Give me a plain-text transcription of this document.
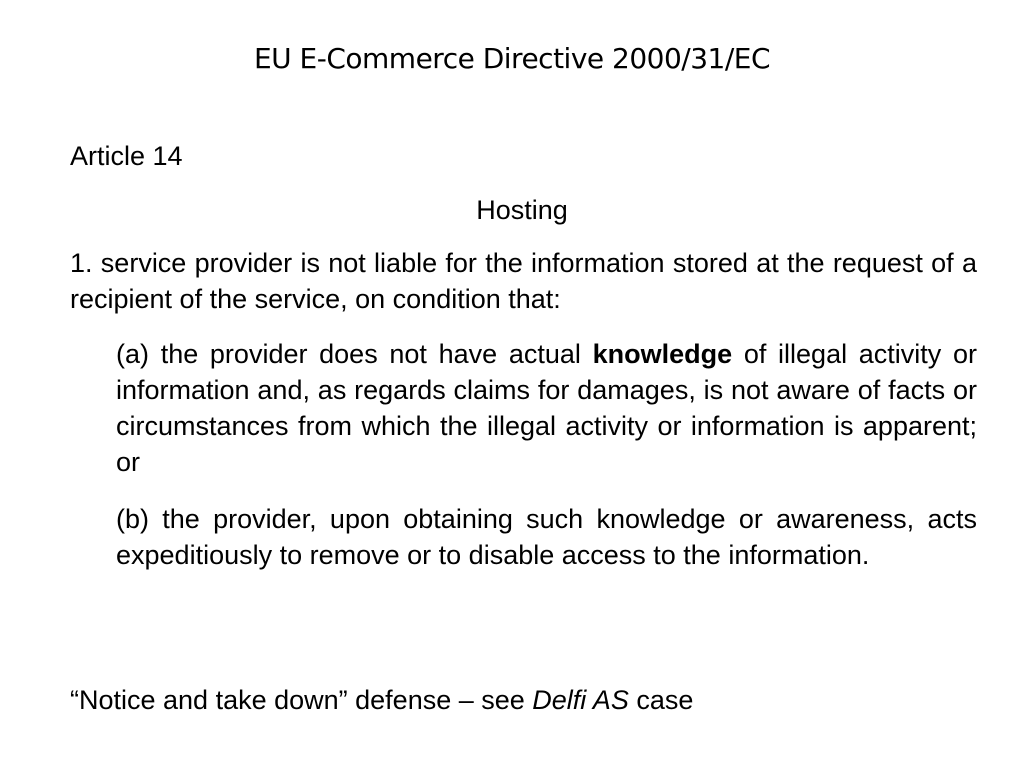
EU E-Commerce Directive 2000/31/EC
Article 14
Hosting
1. service provider is not liable for the information stored at the request of a recipient of the service, on condition that:
(a) the provider does not have actual knowledge of illegal activity or information and, as regards claims for damages, is not aware of facts or circumstances from which the illegal activity or information is apparent; or
(b) the provider, upon obtaining such knowledge or awareness, acts expeditiously to remove or to disable access to the information.
“Notice and take down” defense – see Delfi AS case
